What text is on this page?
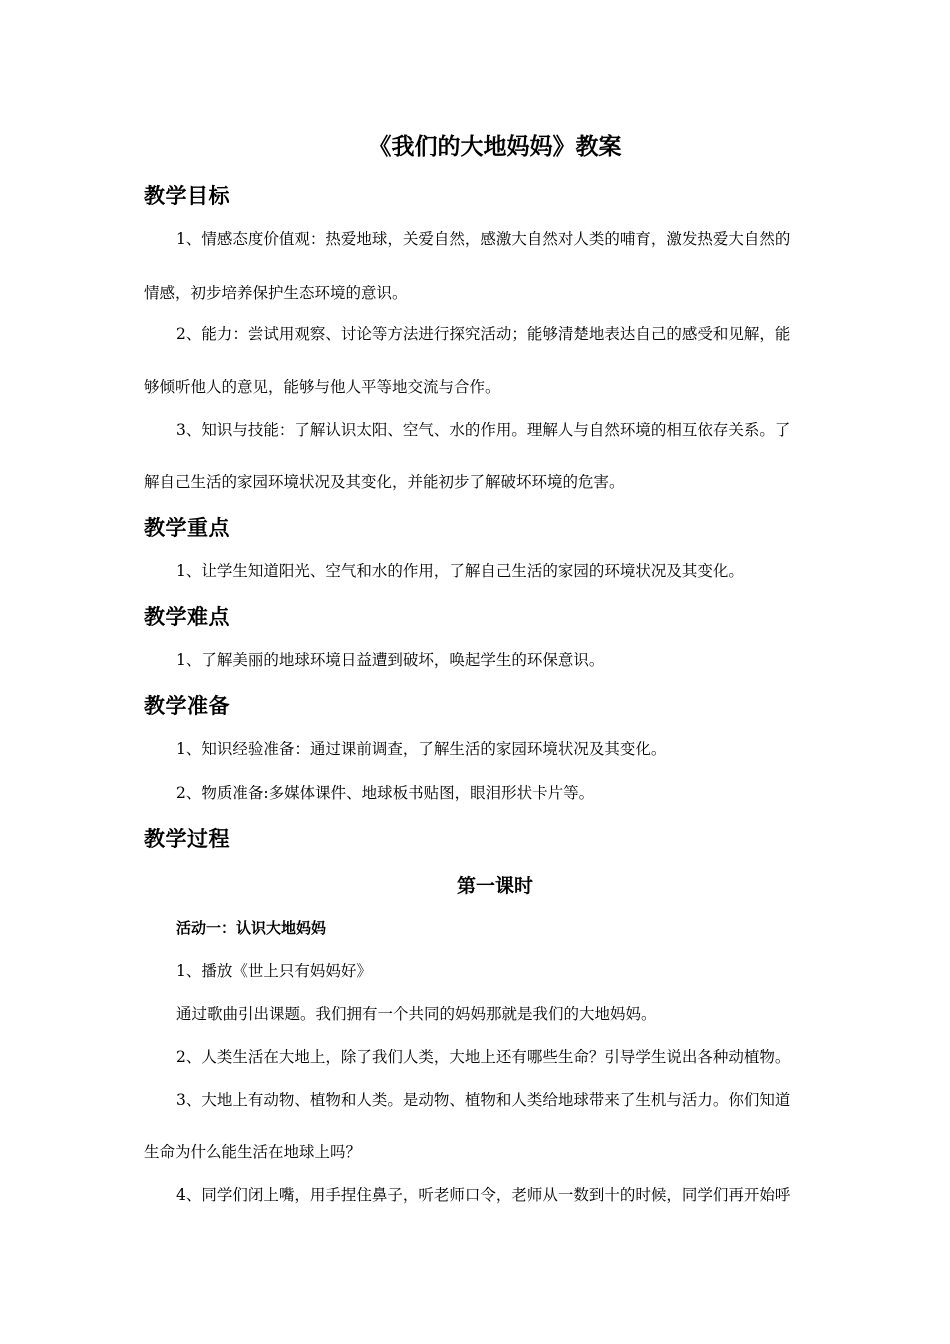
《我们的大地妈妈》教案
教学目标

1、情感态度价值观：热爱地球，关爱自然，感激大自然对人类的哺育，激发热爱大自然的

情感，初步培养保护生态环境的意识。

2、能力：尝试用观察、讨论等方法进行探究活动；能够清楚地表达自己的感受和见解，能

够倾听他人的意见，能够与他人平等地交流与合作。

3、知识与技能：了解认识太阳、空气、水的作用。理解人与自然环境的相互依存关系。了

解自己生活的家园环境状况及其变化，并能初步了解破坏环境的危害。

教学重点

1、让学生知道阳光、空气和水的作用，了解自己生活的家园的环境状况及其变化。

教学难点

1、了解美丽的地球环境日益遭到破坏，唤起学生的环保意识。

教学准备

1、知识经验准备：通过课前调查，了解生活的家园环境状况及其变化。

2、物质准备:多媒体课件、地球板书贴图，眼泪形状卡片等。

教学过程
第一课时
活动一：认识大地妈妈

1、播放《世上只有妈妈好》

通过歌曲引出课题。我们拥有一个共同的妈妈那就是我们的大地妈妈。

2、人类生活在大地上，除了我们人类，大地上还有哪些生命？引导学生说出各种动植物。

3、大地上有动物、植物和人类。是动物、植物和人类给地球带来了生机与活力。你们知道

生命为什么能生活在地球上吗？

4、同学们闭上嘴，用手捏住鼻子，听老师口令，老师从一数到十的时候，同学们再开始呼
